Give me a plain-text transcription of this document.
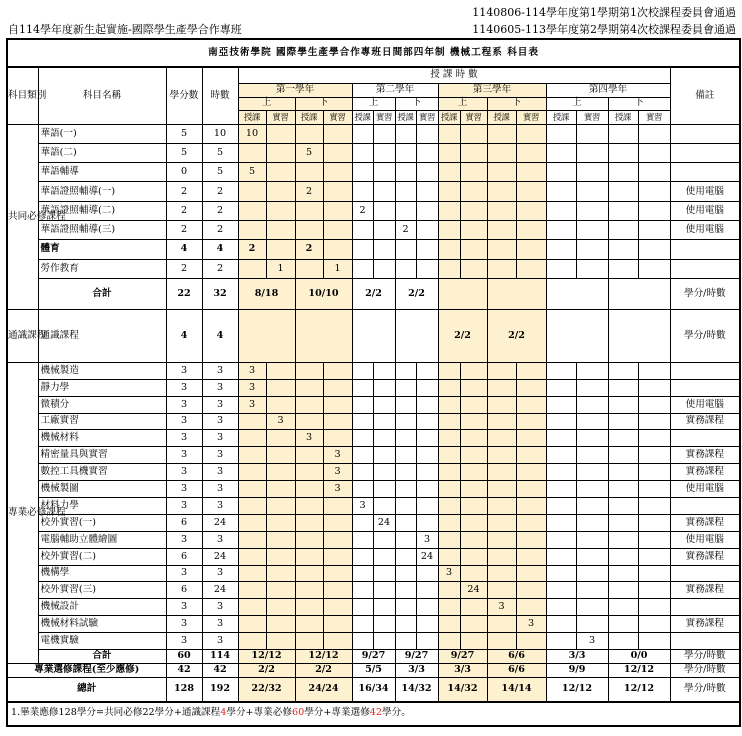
1140806-114學年度第1學期第1次校課程委員會通過
1140605-113學年度第2學期第4次校課程委員會通過
自114學年度新生起實施-國際學生產學合作專班
南亞技術學院 國際學生產學合作專班日間部四年制 機械工程系 科目表																				
科目類別	科目名稱	學分數	時數	授 課 時 數																備註
				第一學年				第二學年				第三學年				第四學年				
				上		下		上		下		上		下		上		下		
				授課	實習	授課	實習	授課	實習	授課	實習	授課	實習	授課	實習	授課	實習	授課	實習	
共同必修課程	華語(一)	5	10	10																
	華語(二)	5	5			5														
	華語輔導	0	5	5																
	華語證照輔導(一)	2	2			2														使用電腦
	華語證照輔導(二)	2	2					2												使用電腦
	華語證照輔導(三)	2	2							2										使用電腦
	體育	4	4	2		2														
	勞作教育	2	2		1		1													
	合計	22	32	8/18		10/10		2/2		2/2										學分/時數
通識課程	通識課程	4	4									2/2		2/2						學分/時數
專業必修課程	機械製造	3	3	3																
	靜力學	3	3	3																
	微積分	3	3	3																使用電腦
	工廠實習	3	3		3															實務課程
	機械材料	3	3			3														
	精密量具與實習	3	3				3													實務課程
	數控工具機實習	3	3				3													實務課程
	機械製圖	3	3				3													使用電腦
	材料力學	3	3					3												
	校外實習(一)	6	24						24											實務課程
	電腦輔助立體繪圖	3	3								3									使用電腦
	校外實習(二)	6	24								24									實務課程
	機構學	3	3									3								
	校外實習(三)	6	24										24							實務課程
	機械設計	3	3											3						
	機械材料試驗	3	3												3					實務課程
	電機實驗	3	3														3			
	合計	60	114	12/12		12/12		9/27		9/27		9/27		6/6		3/3		0/0		學分/時數
專業選修課程(至少應修)		42	42	2/2		2/2		5/5		3/3		3/3		6/6		9/9		12/12		學分/時數
總計		128	192	22/32		24/24		16/34		14/32		14/32		14/14		12/12		12/12		學分/時數
1.畢業應修128學分=共同必修22學分+通識課程4學分+專業必修60學分+專業選修42學分。																				
